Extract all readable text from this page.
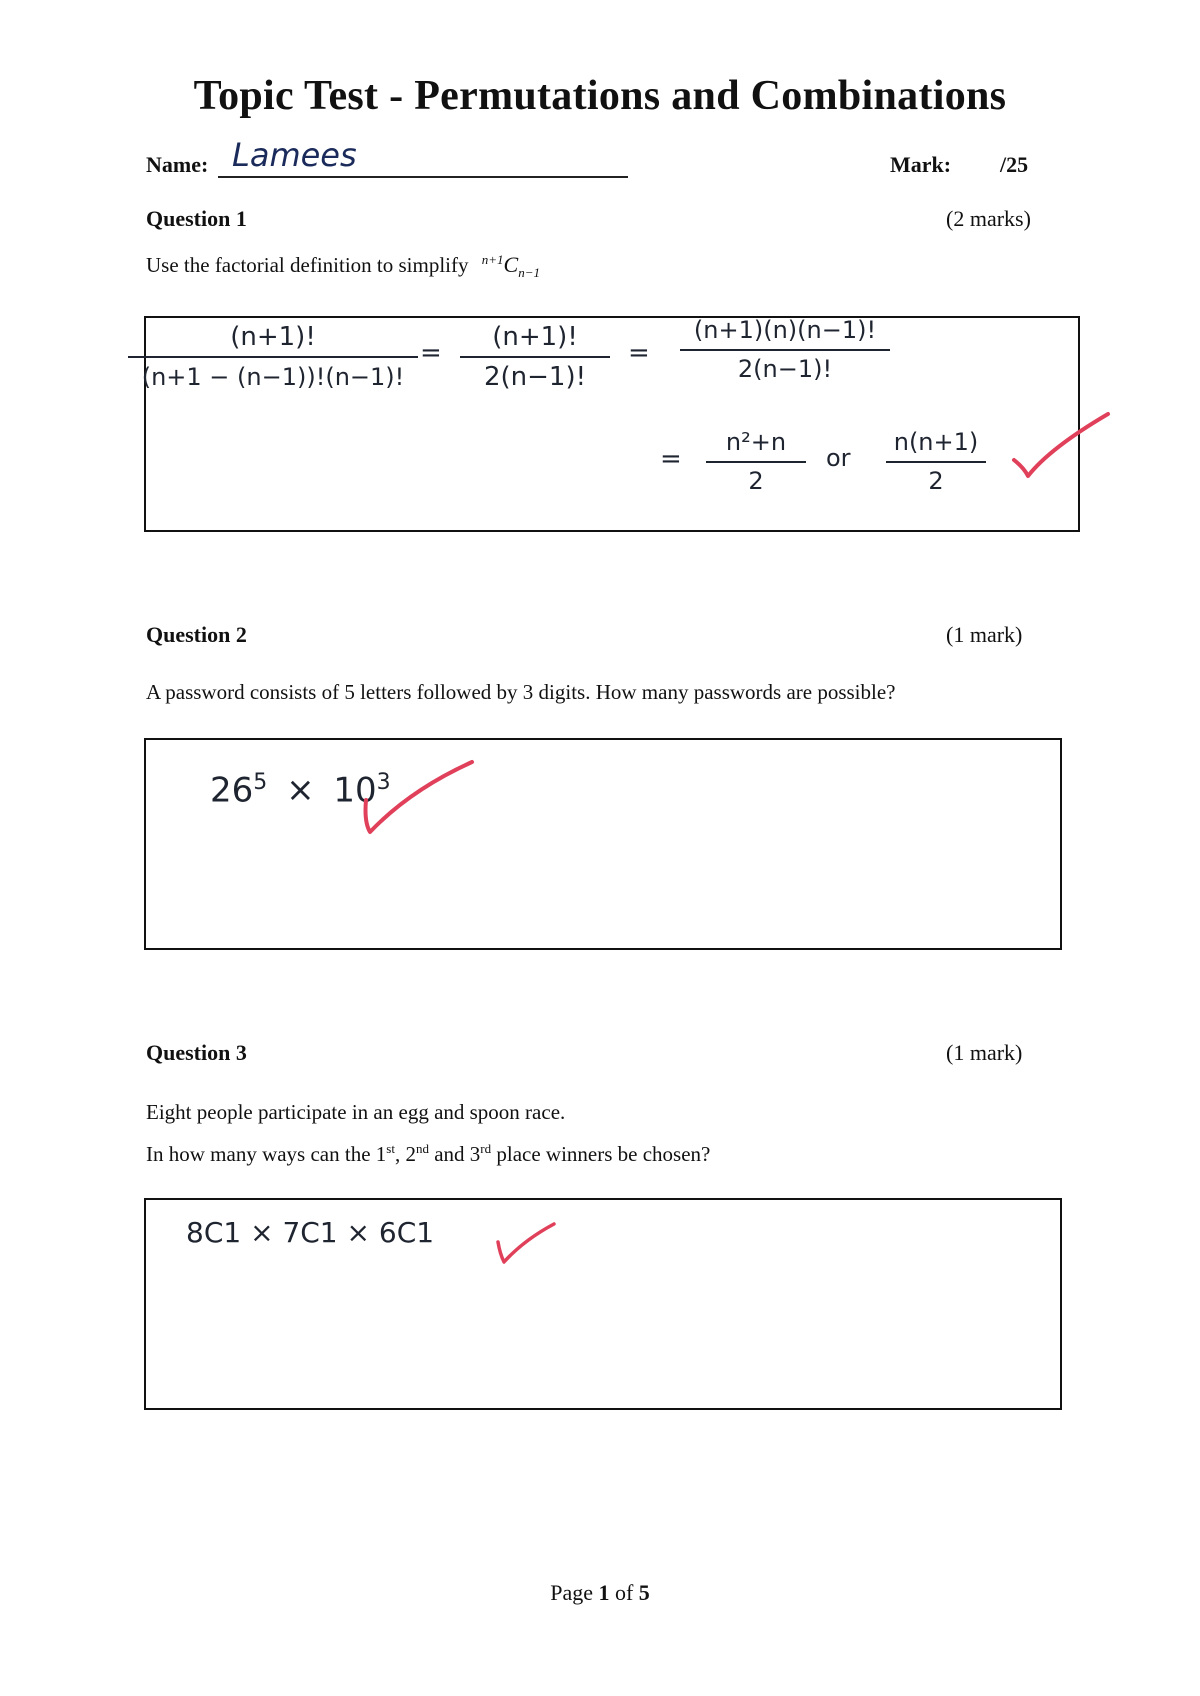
Topic Test - Permutations and Combinations
Name: Lamees	Mark: /25
Question 1	(2 marks)
Use the factorial definition to simplify $^{n+1}C_{n-1}$
(n+1)!
(n+1 − (n−1))!(n−1)!
=
(n+1)!
2(n−1)!
=
(n+1)(n)(n−1)!
2(n−1)!
=
n²+n
2
or
n(n+1)
2
Question 2	(1 mark)
A password consists of 5 letters followed by 3 digits. How many passwords are possible?
$26^5 \times 10^3$
Question 3	(1 mark)
Eight people participate in an egg and spoon race.
In how many ways can the 1st, 2nd and 3rd place winners be chosen?
8C1 × 7C1 × 6C1
Page 1 of 5
